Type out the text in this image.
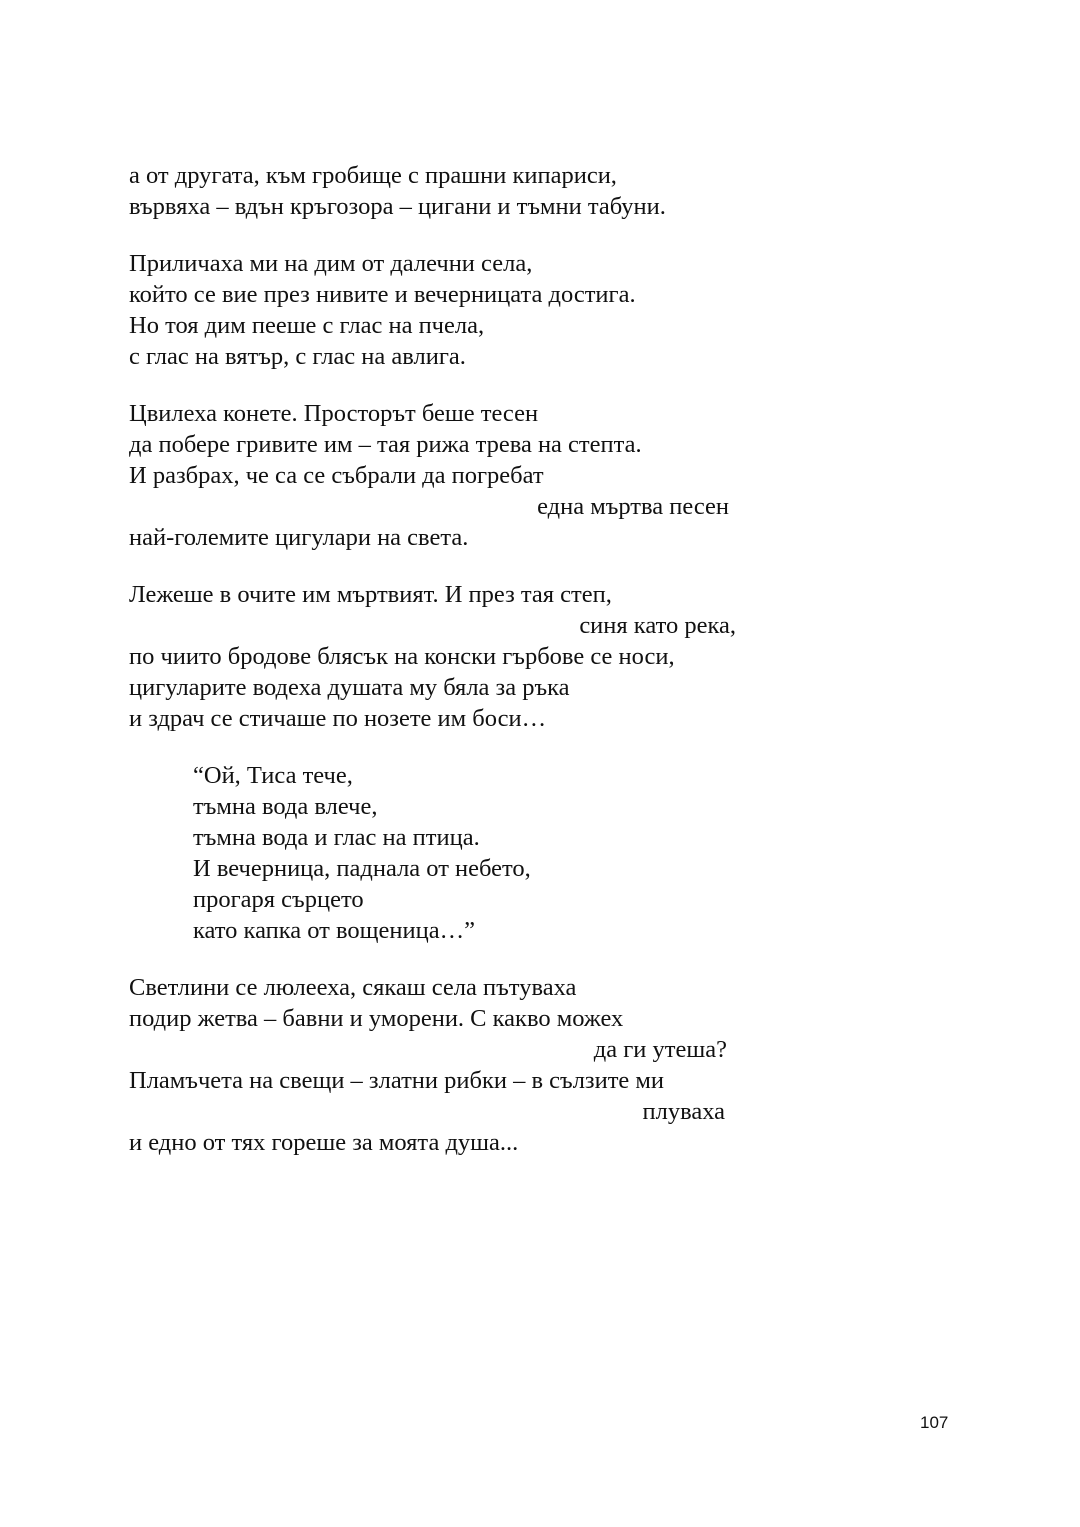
а от другата, към гробище с прашни кипариси,
вървяха – вдън кръгозора – цигани и тъмни табуни.
Приличаха ми на дим от далечни села,
който се вие през нивите и вечерницата достига.
Но тоя дим пееше с глас на пчела,
с глас на вятър, с глас на авлига.
Цвилеха конете. Просторът беше тесен
да побере гривите им – тая рижа трева на степта.
И разбрах, че са се събрали да погребат
една мъртва песен
най-големите цигулари на света.
Лежеше в очите им мъртвият. И през тая степ,
синя като река,
по чиито бродове блясък на конски гърбове се носи,
цигуларите водеха душата му бяла за ръка
и здрач се стичаше по нозете им боси…
“Ой, Тиса тече,
тъмна вода влече,
тъмна вода и глас на птица.
И вечерница, паднала от небето,
прогаря сърцето
като капка от вощеница…”
Светлини се люлееха, сякаш села пътуваха
подир жетва – бавни и уморени. С какво можех
да ги утеша?
Пламъчета на свещи – златни рибки – в сълзите ми
плуваха
и едно от тях гореше за моята душа...
107
